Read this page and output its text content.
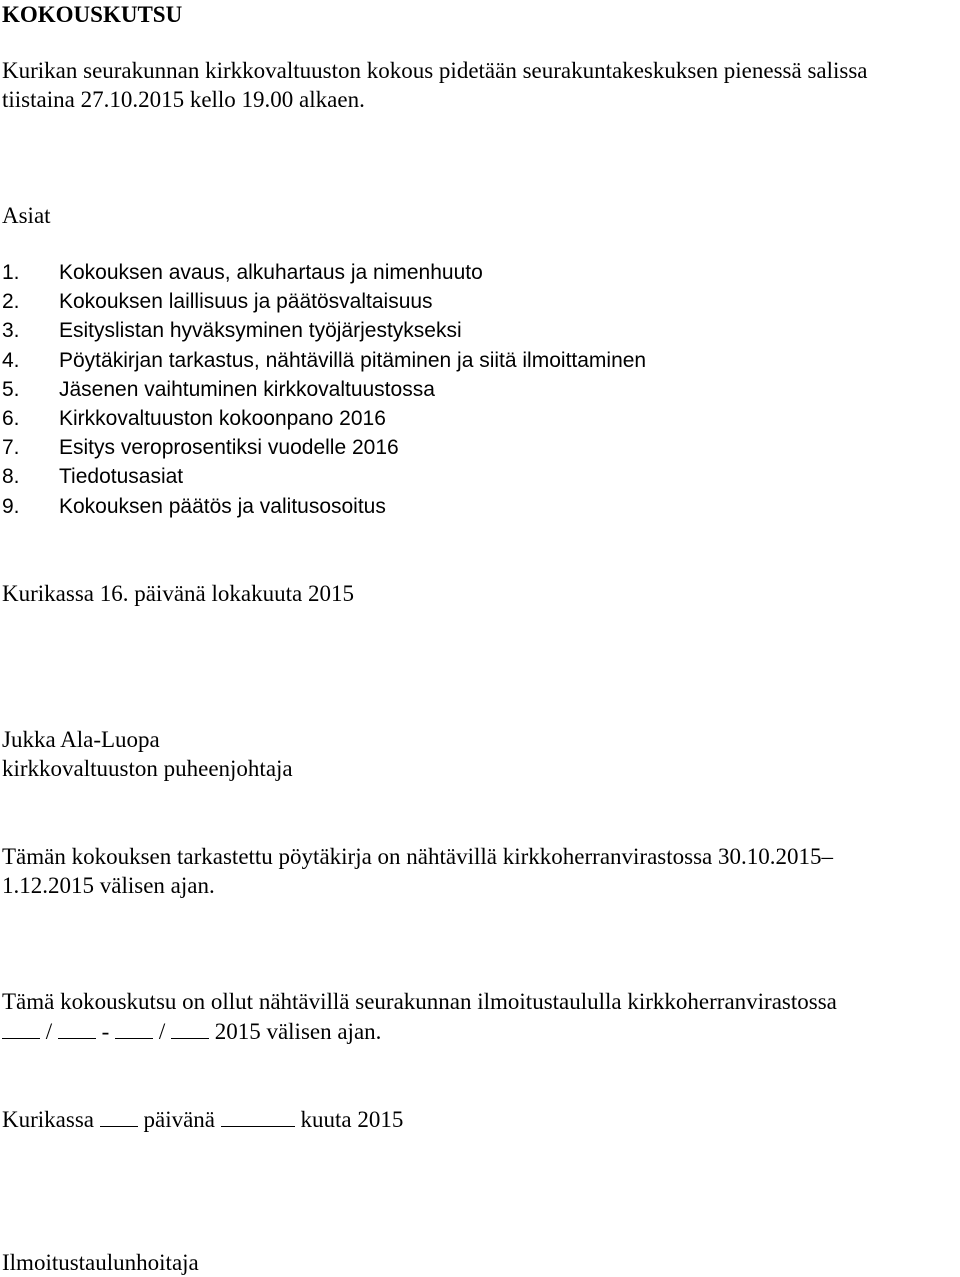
KOKOUSKUTSU
Kurikan seurakunnan kirkkovaltuuston kokous pidetään seurakuntakeskuksen pienessä salissa
tiistaina 27.10.2015 kello 19.00 alkaen.
Asiat
1.	Kokouksen avaus, alkuhartaus ja nimenhuuto
2.	Kokouksen laillisuus ja päätösvaltaisuus
3.	Esityslistan hyväksyminen työjärjestykseksi
4.	Pöytäkirjan tarkastus, nähtävillä pitäminen ja siitä ilmoittaminen
5.	Jäsenen vaihtuminen kirkkovaltuustossa
6.	Kirkkovaltuuston kokoonpano 2016
7.	Esitys veroprosentiksi vuodelle 2016
8.	Tiedotusasiat
9.	Kokouksen päätös ja valitusosoitus
Kurikassa 16. päivänä lokakuuta 2015
Jukka Ala-Luopa
kirkkovaltuuston puheenjohtaja
Tämän kokouksen tarkastettu pöytäkirja on nähtävillä kirkkoherranvirastossa 30.10.2015–
1.12.2015 välisen ajan.
Tämä kokouskutsu on ollut nähtävillä seurakunnan ilmoitustaululla kirkkoherranvirastossa
/ - / 2015 välisen ajan.
Kurikassa päivänä	kuuta 2015
Ilmoitustaulunhoitaja
